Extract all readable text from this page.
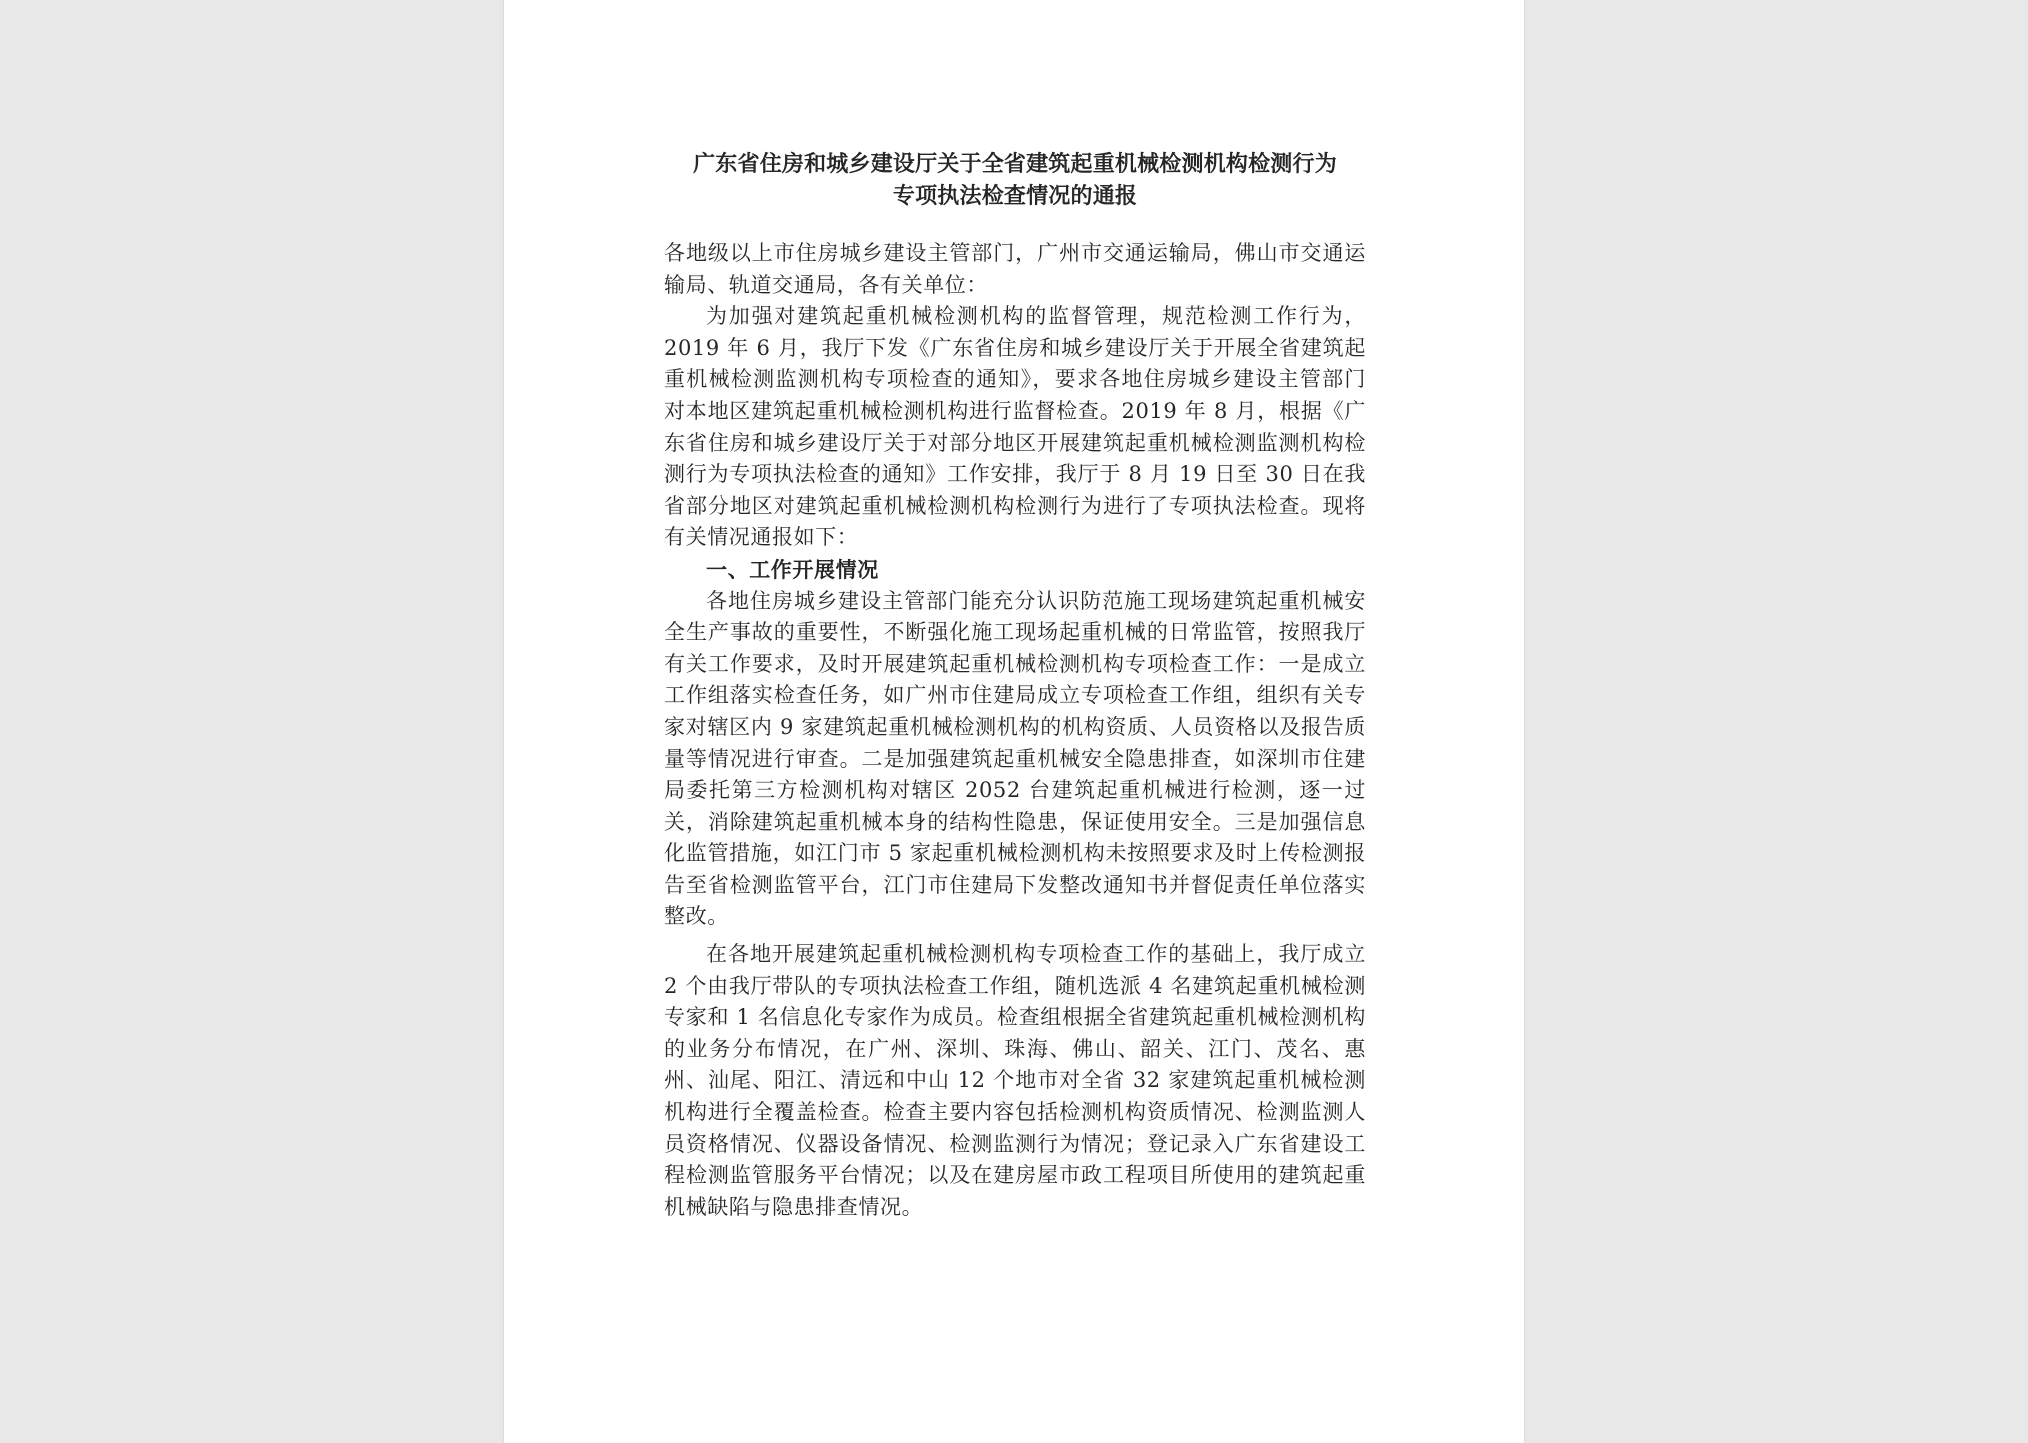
广东省住房和城乡建设厅关于全省建筑起重机械检测机构检测行为
专项执法检查情况的通报

各地级以上市住房城乡建设主管部门，广州市交通运输局，佛山市交通运输局、轨道交通局，各有关单位：

为加强对建筑起重机械检测机构的监督管理，规范检测工作行为，2019 年 6 月，我厅下发《广东省住房和城乡建设厅关于开展全省建筑起重机械检测监测机构专项检查的通知》，要求各地住房城乡建设主管部门对本地区建筑起重机械检测机构进行监督检查。2019 年 8 月，根据《广东省住房和城乡建设厅关于对部分地区开展建筑起重机械检测监测机构检测行为专项执法检查的通知》工作安排，我厅于 8 月 19 日至 30 日在我省部分地区对建筑起重机械检测机构检测行为进行了专项执法检查。现将有关情况通报如下：

一、工作开展情况

各地住房城乡建设主管部门能充分认识防范施工现场建筑起重机械安全生产事故的重要性，不断强化施工现场起重机械的日常监管，按照我厅有关工作要求，及时开展建筑起重机械检测机构专项检查工作：一是成立工作组落实检查任务，如广州市住建局成立专项检查工作组，组织有关专家对辖区内 9 家建筑起重机械检测机构的机构资质、人员资格以及报告质量等情况进行审查。二是加强建筑起重机械安全隐患排查，如深圳市住建局委托第三方检测机构对辖区 2052 台建筑起重机械进行检测，逐一过关，消除建筑起重机械本身的结构性隐患，保证使用安全。三是加强信息化监管措施，如江门市 5 家起重机械检测机构未按照要求及时上传检测报告至省检测监管平台，江门市住建局下发整改通知书并督促责任单位落实整改。

在各地开展建筑起重机械检测机构专项检查工作的基础上，我厅成立 2 个由我厅带队的专项执法检查工作组，随机选派 4 名建筑起重机械检测专家和 1 名信息化专家作为成员。检查组根据全省建筑起重机械检测机构的业务分布情况，在广州、深圳、珠海、佛山、韶关、江门、茂名、惠州、汕尾、阳江、清远和中山 12 个地市对全省 32 家建筑起重机械检测机构进行全覆盖检查。检查主要内容包括检测机构资质情况、检测监测人员资格情况、仪器设备情况、检测监测行为情况；登记录入广东省建设工程检测监管服务平台情况；以及在建房屋市政工程项目所使用的建筑起重机械缺陷与隐患排查情况。
